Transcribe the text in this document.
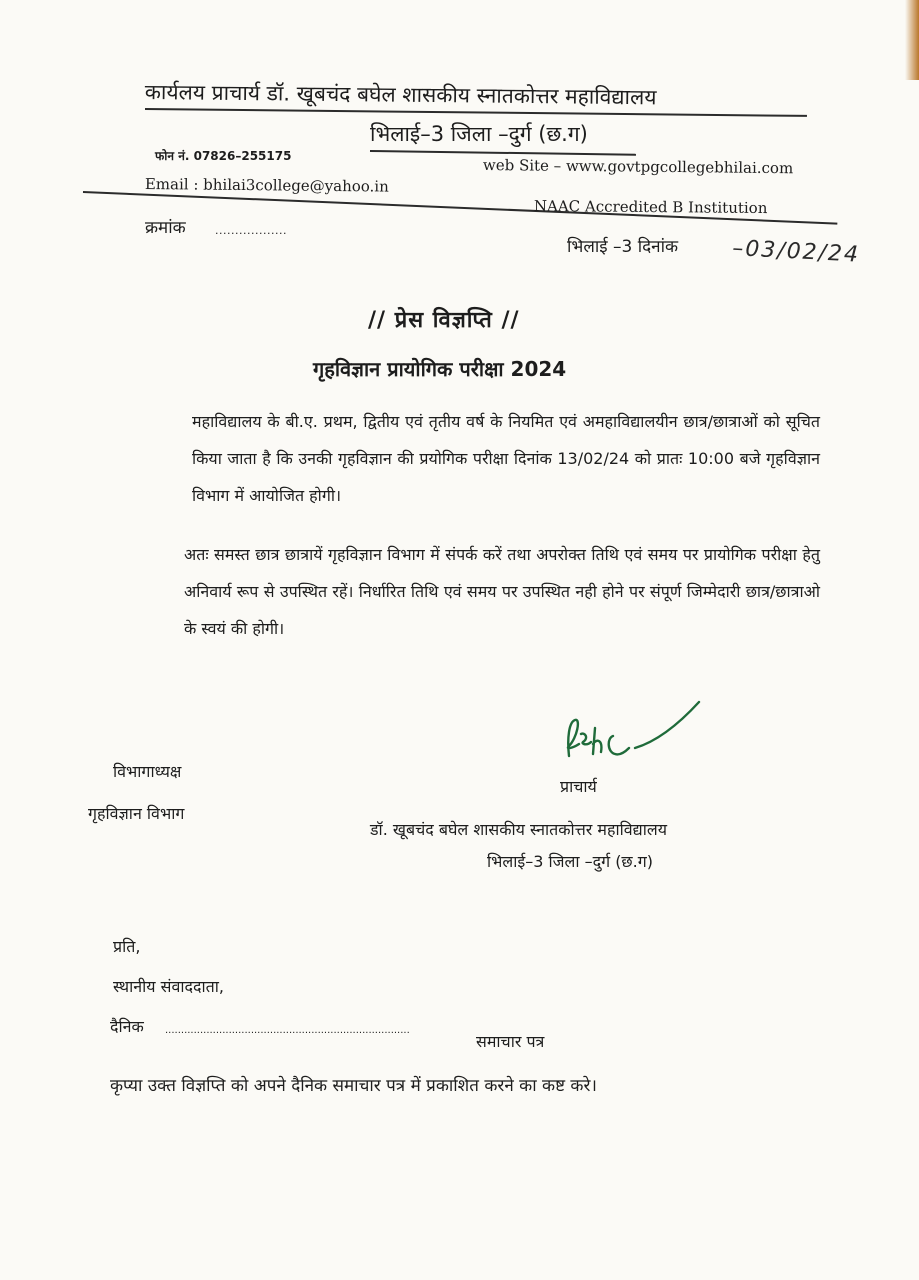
कार्यलय प्राचार्य डॉ. खूबचंद बघेल शासकीय स्नातकोत्तर महाविद्यालय
भिलाई–3 जिला –दुर्ग (छ.ग)
फोन नं. 07826–255175	web Site – www.govtpgcollegebhilai.com
Email : bhilai3college@yahoo.in
NAAC Accredited B Institution
क्रमांक	..................
भिलाई –3 दिनांक –03/02/24
// प्रेस विज्ञप्ति //
गृहविज्ञान प्रायोगिक परीक्षा 2024
महाविद्यालय के बी.ए. प्रथम, द्वितीय एवं तृतीय वर्ष के नियमित एवं अमहाविद्यालयीन छात्र/छात्राओं को सूचित किया जाता है कि उनकी गृहविज्ञान की प्रयोगिक परीक्षा दिनांक 13/02/24 को प्रातः 10:00 बजे गृहविज्ञान विभाग में आयोजित होगी।
अतः समस्त छात्र छात्रायें गृहविज्ञान विभाग में संपर्क करें तथा अपरोक्त तिथि एवं समय पर प्रायोगिक परीक्षा हेतु अनिवार्य रूप से उपस्थित रहें। निर्धारित तिथि एवं समय पर उपस्थित नही होने पर संपूर्ण जिम्मेदारी छात्र/छात्राओ के स्वयं की होगी।
प्राचार्य
विभागाध्यक्ष
गृहविज्ञान विभाग
डॉ. खूबचंद बघेल शासकीय स्नातकोत्तर महाविद्यालय
भिलाई–3 जिला –दुर्ग (छ.ग)
प्रति,
स्थानीय संवाददाता,
दैनिक .............................................................................
समाचार पत्र
कृप्या उक्त विज्ञप्ति को अपने दैनिक समाचार पत्र में प्रकाशित करने का कष्ट करे।
